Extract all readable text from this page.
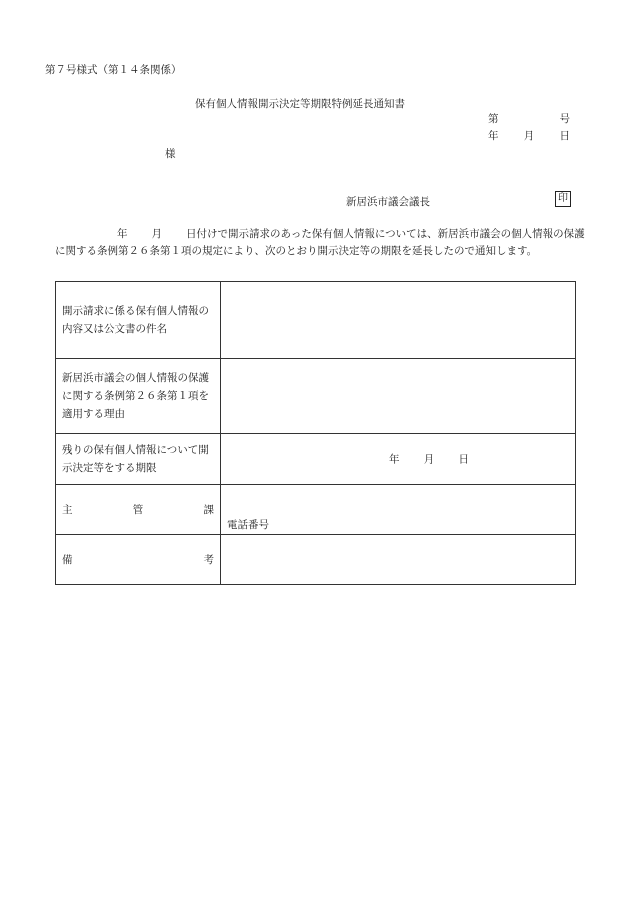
第７号様式（第１４条関係）
保有個人情報開示決定等期限特例延長通知書
第	号
年 月 日
様
新居浜市議会議長	印
年 月 日付けで開示請求のあった保有個人情報については、新居浜市議会の個人情報の保護に関する条例第２６条第１項の規定により、次のとおり開示決定等の期限を延長したので通知します。
開示請求に係る保有個人情報の内容又は公文書の件名	
新居浜市議会の個人情報の保護に関する条例第２６条第１項を適用する理由	
残りの保有個人情報について開示決定等をする期限	年 月 日

主 管 課	電話番号

備 考	
